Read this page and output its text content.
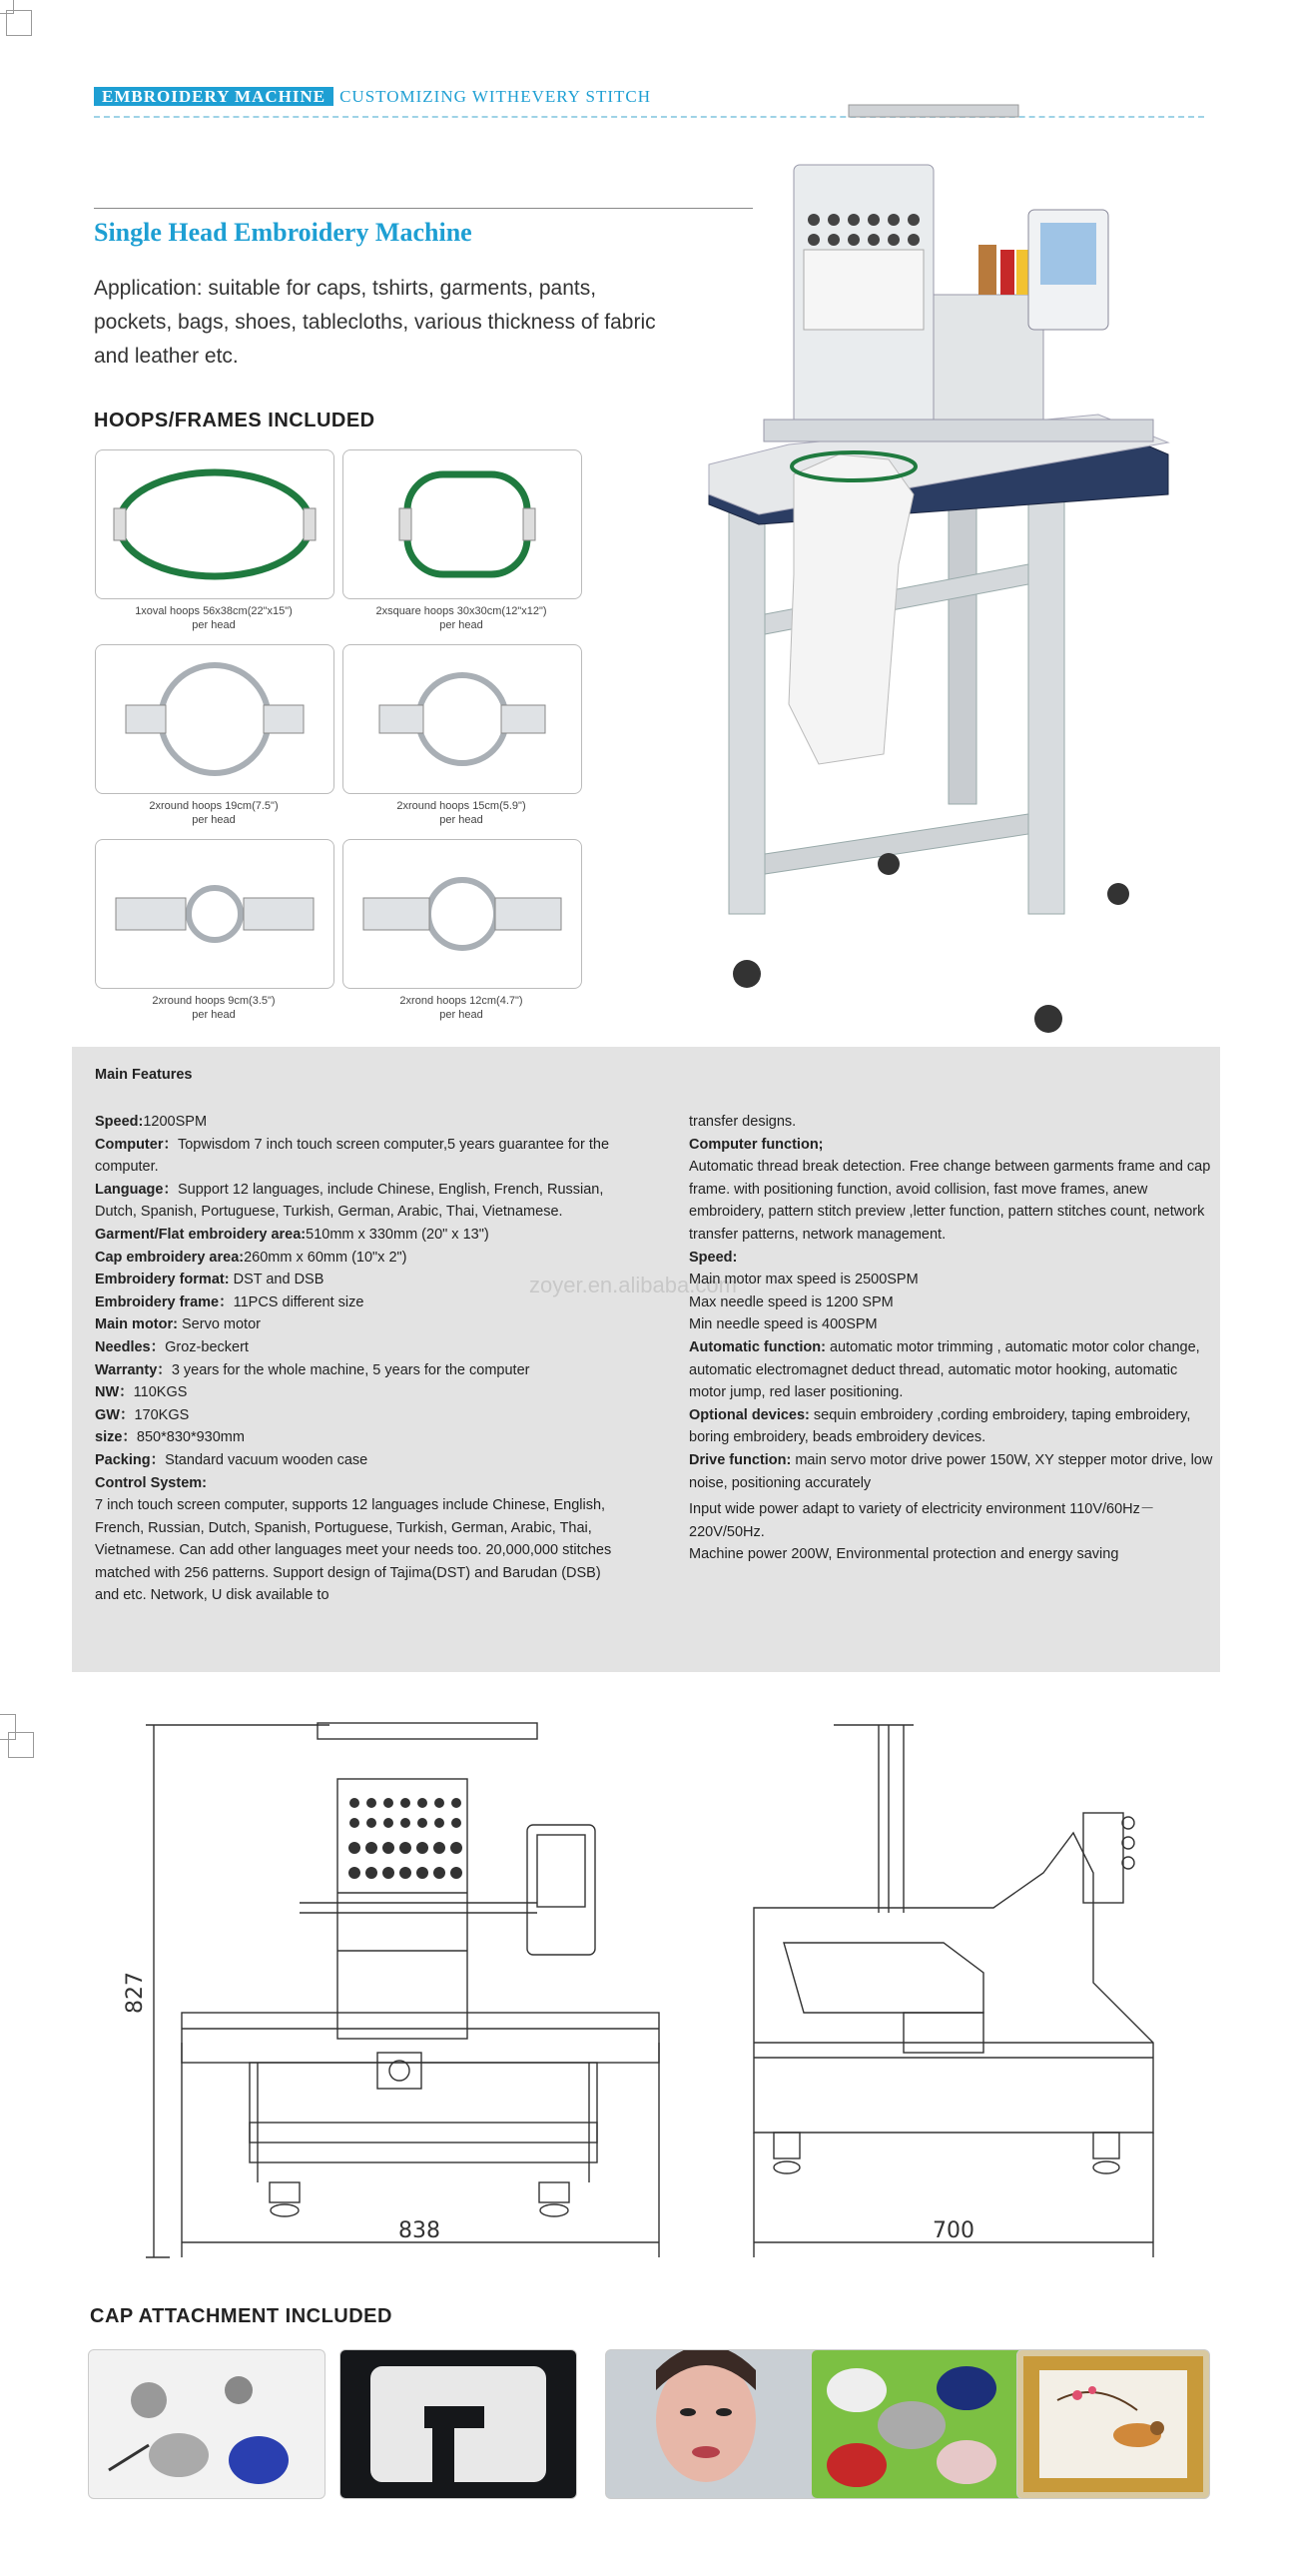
EMBROIDERY MACHINE CUSTOMIZING WITHEVERY STITCH
Single Head Embroidery Machine
Application: suitable for caps, tshirts, garments, pants, pockets, bags, shoes, tablecloths, various thickness of fabric and leather etc.
HOOPS/FRAMES INCLUDED
1xoval hoops 56x38cm(22"x15")
per head
2xsquare hoops 30x30cm(12"x12")
per head
2xround hoops 19cm(7.5")
per head
2xround hoops 15cm(5.9")
per head
2xround hoops 9cm(3.5")
per head
2xrond hoops 12cm(4.7")
per head
Main Features
zoyer.en.alibaba.com
Speed:1200SPM
Computer：Topwisdom 7 inch touch screen computer,5 years guarantee for the computer.
Language：Support 12 languages, include Chinese, English, French, Russian, Dutch, Spanish, Portuguese, Turkish, German, Arabic, Thai, Vietnamese.
Garment/Flat embroidery area:510mm x 330mm (20" x 13")
Cap embroidery area:260mm x 60mm (10"x 2")
Embroidery format: DST and DSB
Embroidery frame：11PCS different size
Main motor: Servo motor
Needles：Groz-beckert
Warranty：3 years for the whole machine, 5 years for the computer
NW：110KGS
GW：170KGS
size：850*830*930mm
Packing：Standard vacuum wooden case
Control System:
7 inch touch screen computer, supports 12 languages include Chinese, English, French, Russian, Dutch, Spanish, Portuguese, Turkish, German, Arabic, Thai, Vietnamese. Can add other languages meet your needs too. 20,000,000 stitches matched with 256 patterns. Support design of Tajima(DST) and Barudan (DSB) and etc. Network, U disk available to
transfer designs.
Computer function;
Automatic thread break detection. Free change between garments frame and cap frame. with positioning function, avoid collision, fast move frames, anew embroidery, pattern stitch preview ,letter function, pattern stitches count, network transfer patterns, network management.
Speed:
Main motor max speed is 2500SPM
Max needle speed is 1200 SPM
Min needle speed is 400SPM
Automatic function: automatic motor trimming , automatic motor color change, automatic electromagnet deduct thread, automatic motor hooking, automatic motor jump, red laser positioning.
Optional devices: sequin embroidery ,cording embroidery, taping embroidery, boring embroidery, beads embroidery devices.
Drive function: main servo motor drive power 150W, XY stepper motor drive, low noise, positioning accurately
Input wide power adapt to variety of electricity environment 110V/60Hz－220V/50Hz.
Machine power 200W, Environmental protection and energy saving
827
838	700
CAP ATTACHMENT INCLUDED
